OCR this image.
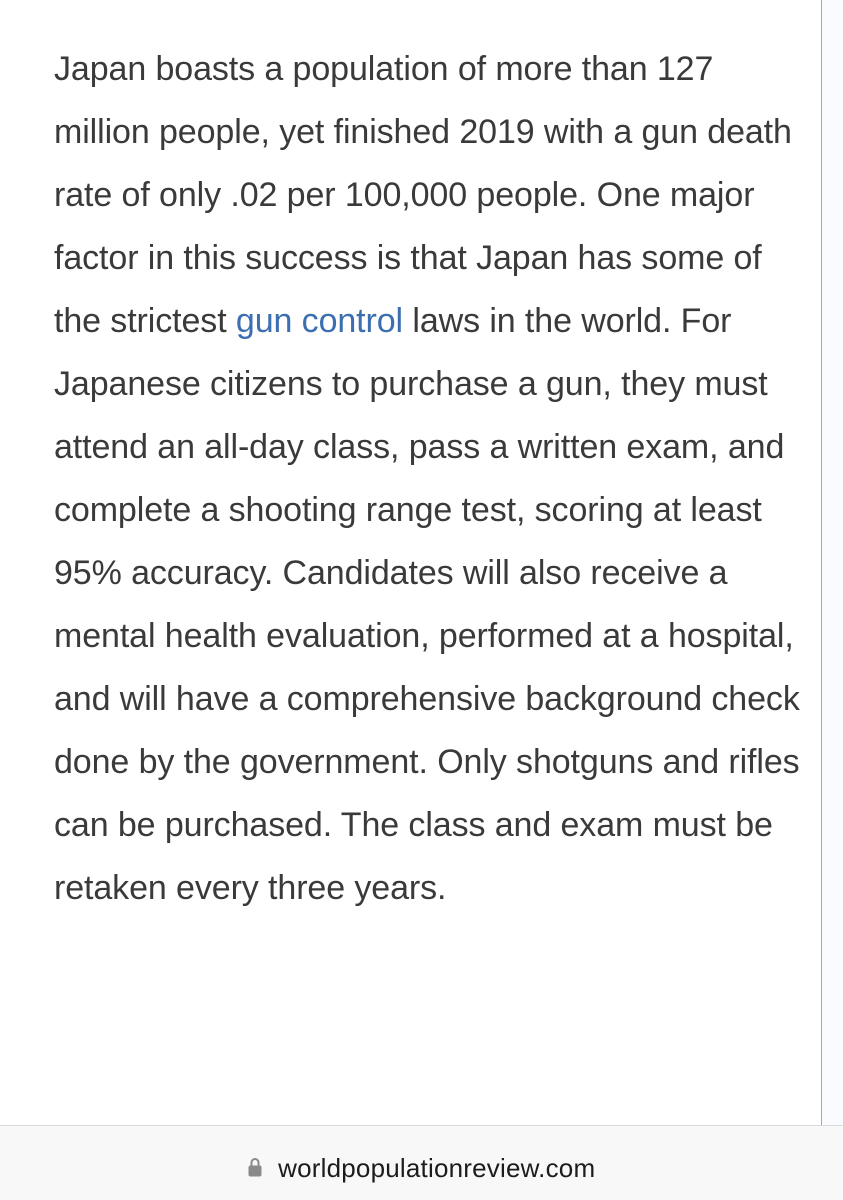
Japan boasts a population of more than 127 million people, yet finished 2019 with a gun death rate of only .02 per 100,000 people. One major factor in this success is that Japan has some of the strictest gun control laws in the world. For Japanese citizens to purchase a gun, they must attend an all-day class, pass a written exam, and complete a shooting range test, scoring at least 95% accuracy. Candidates will also receive a mental health evaluation, performed at a hospital, and will have a comprehensive background check done by the government. Only shotguns and rifles can be purchased. The class and exam must be retaken every three years.

worldpopulationreview.com
